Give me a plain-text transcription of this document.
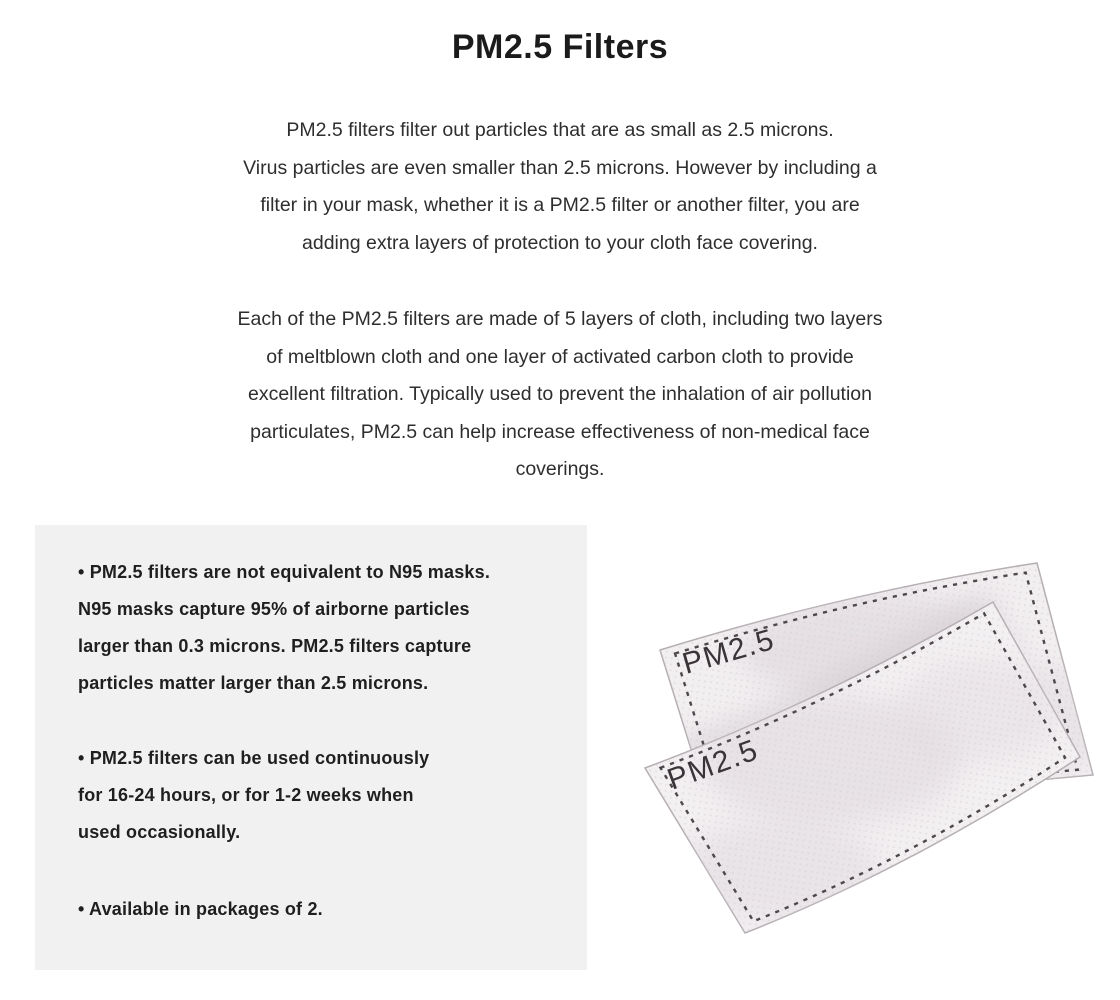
PM2.5 Filters
PM2.5 filters filter out particles that are as small as 2.5 microns.
Virus particles are even smaller than 2.5 microns. However by including a
filter in your mask, whether it is a PM2.5 filter or another filter, you are
adding extra layers of protection to your cloth face covering.
Each of the PM2.5 filters are made of 5 layers of cloth, including two layers
of meltblown cloth and one layer of activated carbon cloth to provide
excellent filtration. Typically used to prevent the inhalation of air pollution
particulates, PM2.5 can help increase effectiveness of non-medical face
coverings.

• PM2.5 filters are not equivalent to N95 masks.
N95 masks capture 95% of airborne particles
larger than 0.3 microns. PM2.5 filters capture
particles matter larger than 2.5 microns.

• PM2.5 filters can be used continuously
for 16-24 hours, or for 1-2 weeks when
used occasionally.

• Available in packages of 2.

PM2.5
PM2.5
